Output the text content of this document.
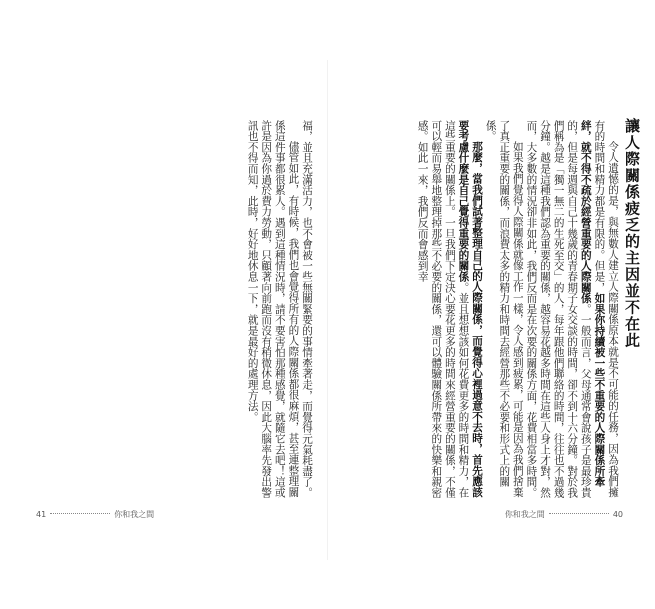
福，並且充滿活力，也不會被一些無關緊要的事情牽著走，而覺得元氣耗盡了。

儘管如此，有時候，我們也會覺得所有的人際關係都很麻煩，甚至連整理關係這件事都很累人。遇到這種情況時，請不要害怕那種感覺，就隨它去吧！這或許是因為你過於費力勞動，只顧著向前跑而沒有稍微休息，因此大腦率先發出警訊也不得而知，此時，好好地休息一下，就是最好的處理方法。

41	你和我之間
讓人際關係疲乏的主因並不在此

令人遺憾的是，與無數人建立人際關係原本就是不可能的任務，因為我們擁有的時間和精力都是有限的。但是，如果你持續被一些不重要的人際關係所牽絆，就不得不疏於經營重要的人際關係。一般而言，父母通常會說孩子是最珍貴的，但是每週與自己十幾歲的青春期子女交談的時間，卻不到十六分鐘。對於我們稱為是「獨一無二的生死至交」的人，每年跟他們聯絡的時間，往往也不過幾分鐘。越是這種我們認為重要的關係，越容易花越多時間在這些人身上才對，然而，大多數的情況卻非如此，我們反而是在次要的關係方面，花費相當多時間。

如果我們覺得人際關係就像工作一樣，令人感到疲累，可能是因為我們捨棄了真正重要的關係，而浪費太多的精力和時間去經營那些不必要和形式上的關係。

那麼，當我們試著整理自己的人際關係，而覺得心裡過意不去時，首先應該要考慮什麼是自己覺得重要的關係。並且想想該如何花費更多的時間和精力，在這些重要的關係上。一旦我們下定決心要花更多的時間來經營重要的關係，不僅可以輕而易舉地整理掉那些不必要的關係，還可以體驗關係所帶來的快樂和親密感。如此一來，我們反而會感到幸

你和我之間	40
